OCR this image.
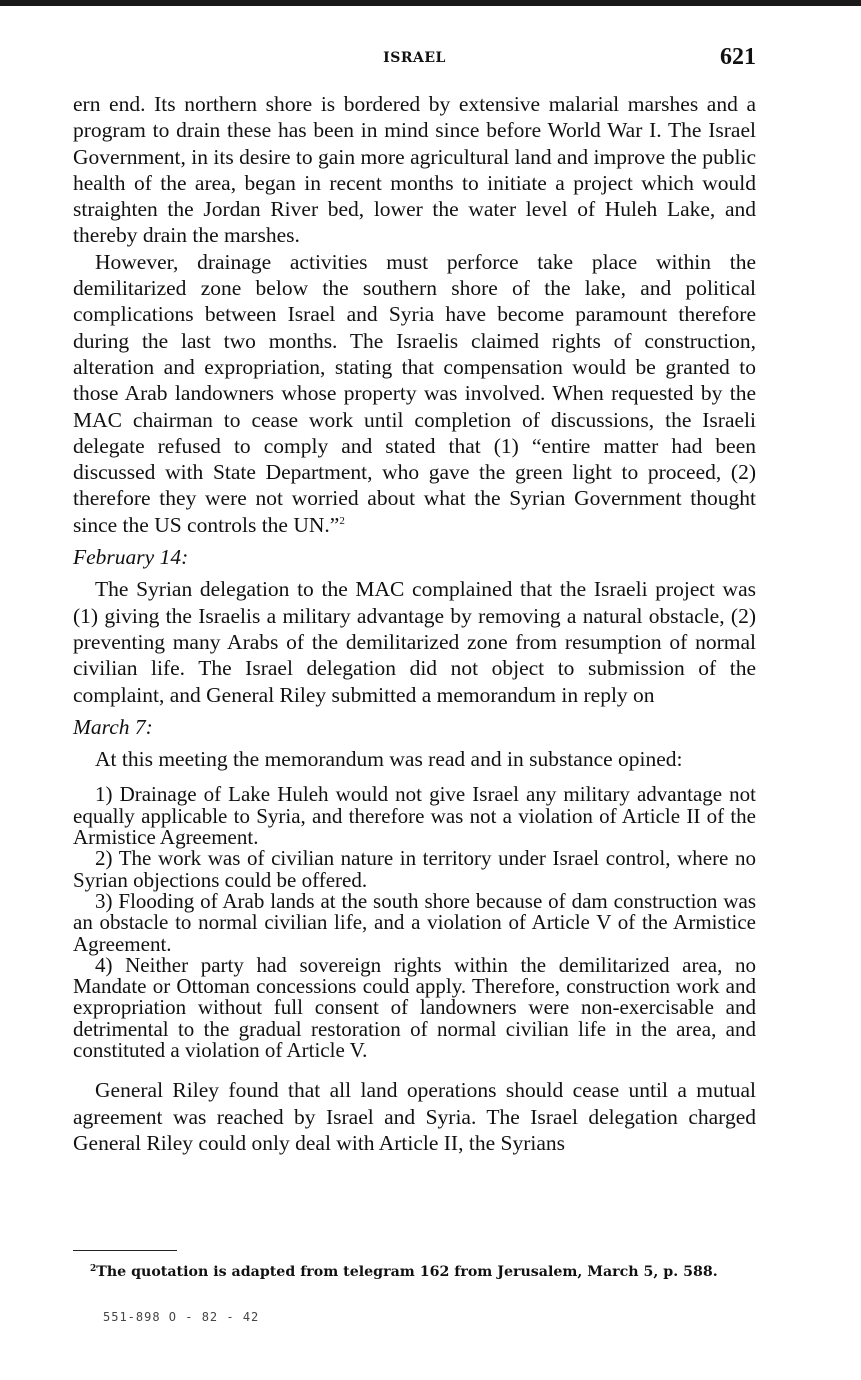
ISRAEL	621

ern end. Its northern shore is bordered by extensive malarial marshes and a program to drain these has been in mind since before World War I. The Israel Government, in its desire to gain more agricultural land and improve the public health of the area, began in recent months to initiate a project which would straighten the Jordan River bed, lower the water level of Huleh Lake, and thereby drain the marshes.

However, drainage activities must perforce take place within the demilitarized zone below the southern shore of the lake, and political complications between Israel and Syria have become paramount therefore during the last two months. The Israelis claimed rights of construction, alteration and expropriation, stating that compensation would be granted to those Arab landowners whose property was involved. When requested by the MAC chairman to cease work until completion of discussions, the Israeli delegate refused to comply and stated that (1) “entire matter had been discussed with State Department, who gave the green light to proceed, (2) therefore they were not worried about what the Syrian Government thought since the US controls the UN.”$^2$

February 14:

The Syrian delegation to the MAC complained that the Israeli project was (1) giving the Israelis a military advantage by removing a natural obstacle, (2) preventing many Arabs of the demilitarized zone from resumption of normal civilian life. The Israel delegation did not object to submission of the complaint, and General Riley submitted a memorandum in reply on

March 7:

At this meeting the memorandum was read and in substance opined:

1) Drainage of Lake Huleh would not give Israel any military advantage not equally applicable to Syria, and therefore was not a violation of Article II of the Armistice Agreement.

2) The work was of civilian nature in territory under Israel control, where no Syrian objections could be offered.

3) Flooding of Arab lands at the south shore because of dam construction was an obstacle to normal civilian life, and a violation of Article V of the Armistice Agreement.

4) Neither party had sovereign rights within the demilitarized area, no Mandate or Ottoman concessions could apply. Therefore, construction work and expropriation without full consent of landowners were non-exercisable and detrimental to the gradual restoration of normal civilian life in the area, and constituted a violation of Article V.

General Riley found that all land operations should cease until a mutual agreement was reached by Israel and Syria. The Israel delegation charged General Riley could only deal with Article II, the Syrians

$^2$The quotation is adapted from telegram 162 from Jerusalem, March 5, p. 588.
551-898 O - 82 - 42
